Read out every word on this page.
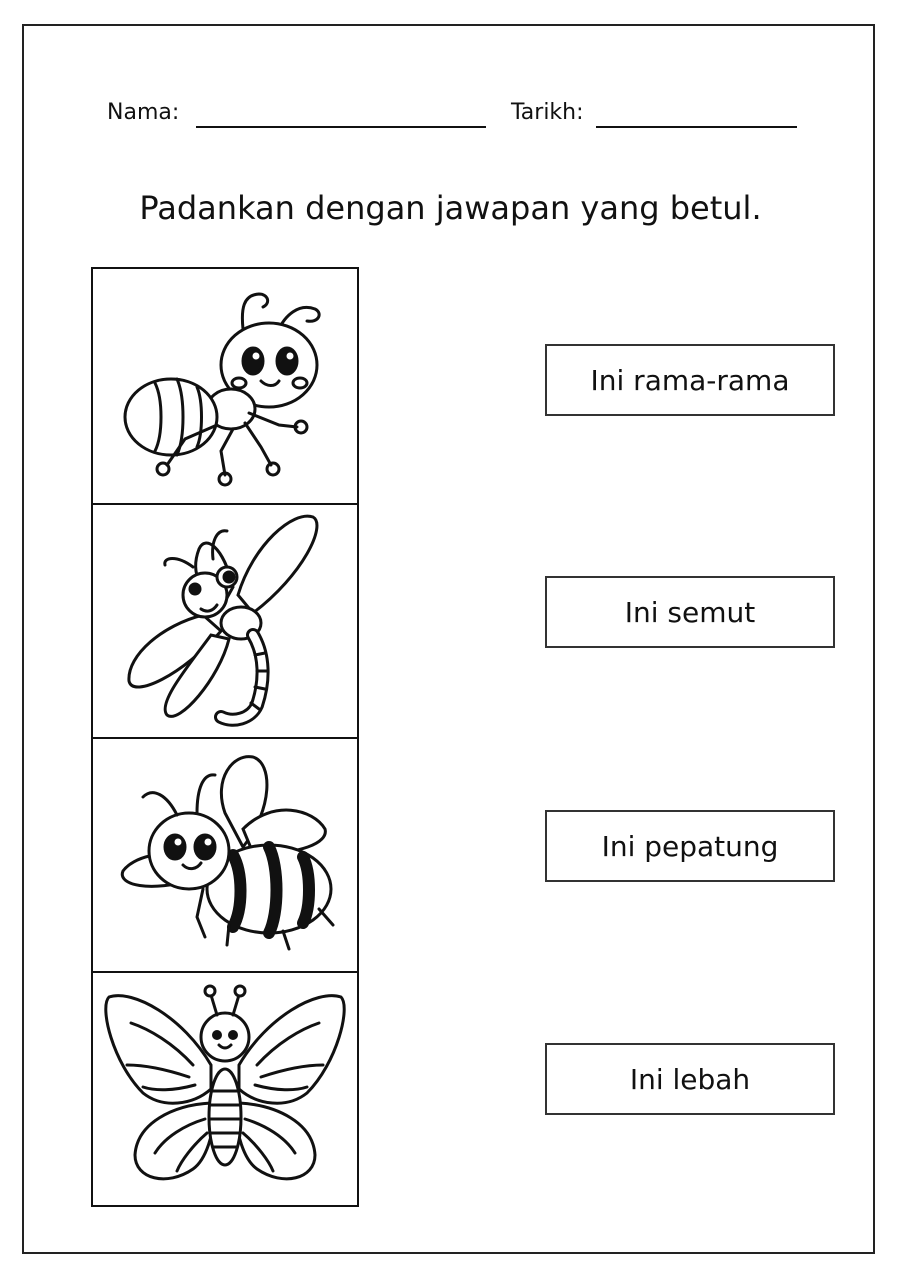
Nama:	Tarikh:
Padankan dengan jawapan yang betul.
Ini rama-rama
Ini semut
Ini pepatung
Ini lebah
